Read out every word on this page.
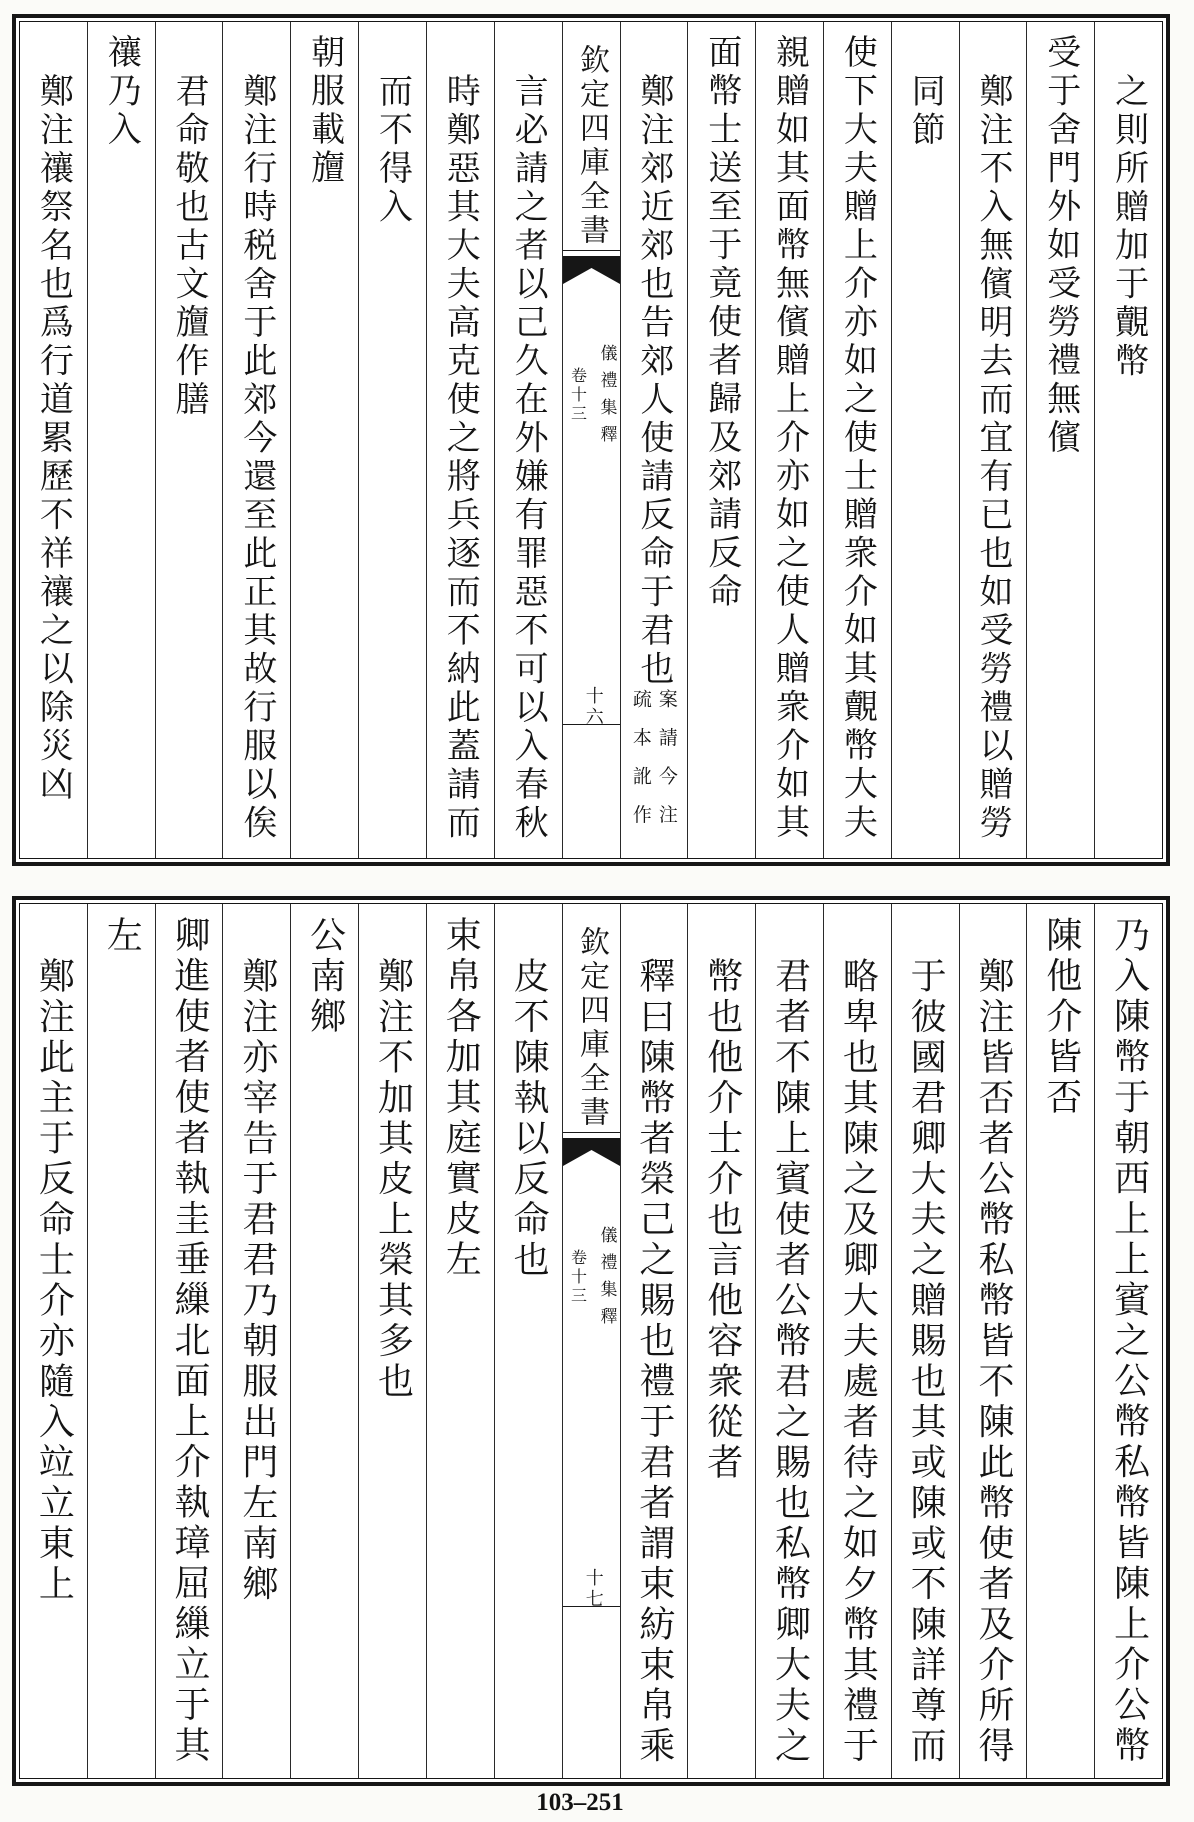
之則所贈加于覿幣
受于舍門外如受勞禮無儐
鄭注不入無儐明去而宜有已也如受勞禮以贈勞
同節
使下大夫贈上介亦如之使士贈衆介如其覿幣大夫
親贈如其面幣無儐贈上介亦如之使人贈衆介如其
面幣士送至于竟使者歸及郊請反命
鄭注郊近郊也告郊人使請反命于君也
案請今注疏本訛作
欽定四庫全書
儀禮集釋
卷十三
十六
言必請之者以己久在外嫌有罪惡不可以入春秋
時鄭惡其大夫高克使之將兵逐而不納此蓋請而
而不得入
朝服載旜
鄭注行時税舍于此郊今還至此正其故行服以俟
君命敬也古文旜作膳
禳乃入
鄭注禳祭名也爲行道累歷不祥禳之以除災凶
乃入陳幣于朝西上上賓之公幣私幣皆陳上介公幣
陳他介皆否
鄭注皆否者公幣私幣皆不陳此幣使者及介所得
于彼國君卿大夫之贈賜也其或陳或不陳詳尊而
略卑也其陳之及卿大夫處者待之如夕幣其禮于
君者不陳上賓使者公幣君之賜也私幣卿大夫之
幣也他介士介也言他容衆從者
釋曰陳幣者榮己之賜也禮于君者謂束紡束帛乘
欽定四庫全書
儀禮集釋
卷十三
十七
皮不陳執以反命也
束帛各加其庭實皮左
鄭注不加其皮上榮其多也
公南鄉
鄭注亦宰告于君君乃朝服出門左南鄉
卿進使者使者執圭垂繅北面上介執璋屈繅立于其
左
鄭注此主于反命士介亦隨入竝立東上
103–251
